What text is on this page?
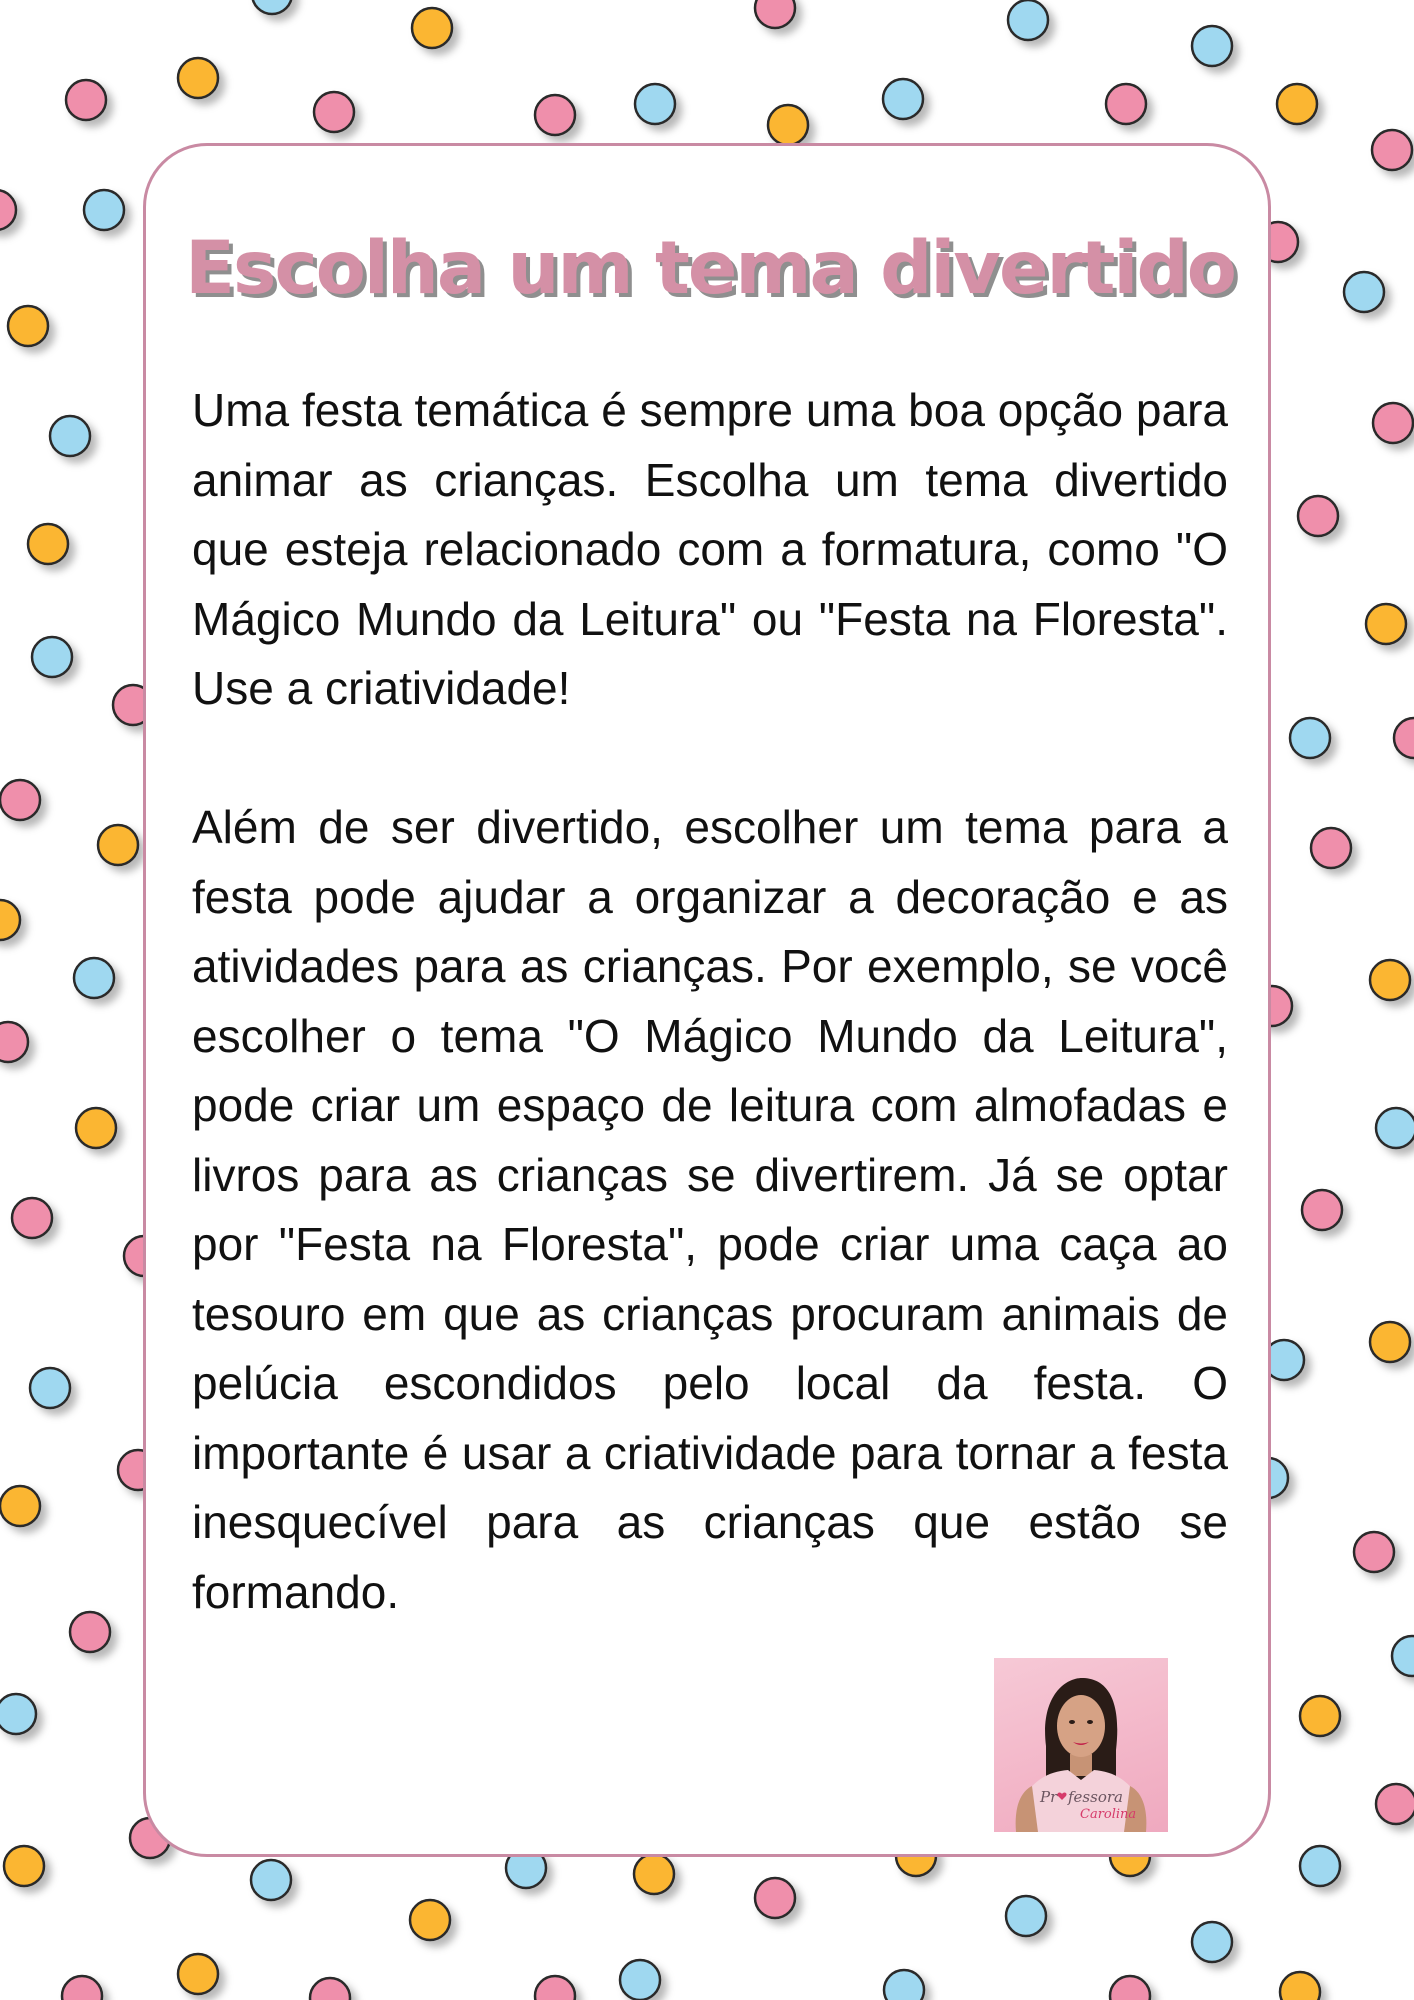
Escolha um tema divertido

Uma festa temática é sempre uma boa opção para animar as crianças. Escolha um tema divertido que esteja relacionado com a formatura, como "O Mágico Mundo da Leitura" ou "Festa na Floresta". Use a criatividade!

Além de ser divertido, escolher um tema para a festa pode ajudar a organizar a decoração e as atividades para as crianças. Por exemplo, se você escolher o tema "O Mágico Mundo da Leitura", pode criar um espaço de leitura com almofadas e livros para as crianças se divertirem. Já se optar por "Festa na Floresta", pode criar uma caça ao tesouro em que as crianças procuram animais de pelúcia escondidos pelo local da festa. O importante é usar a criatividade para tornar a festa inesquecível para as crianças que estão se formando.

Pr fessora
Carolina
